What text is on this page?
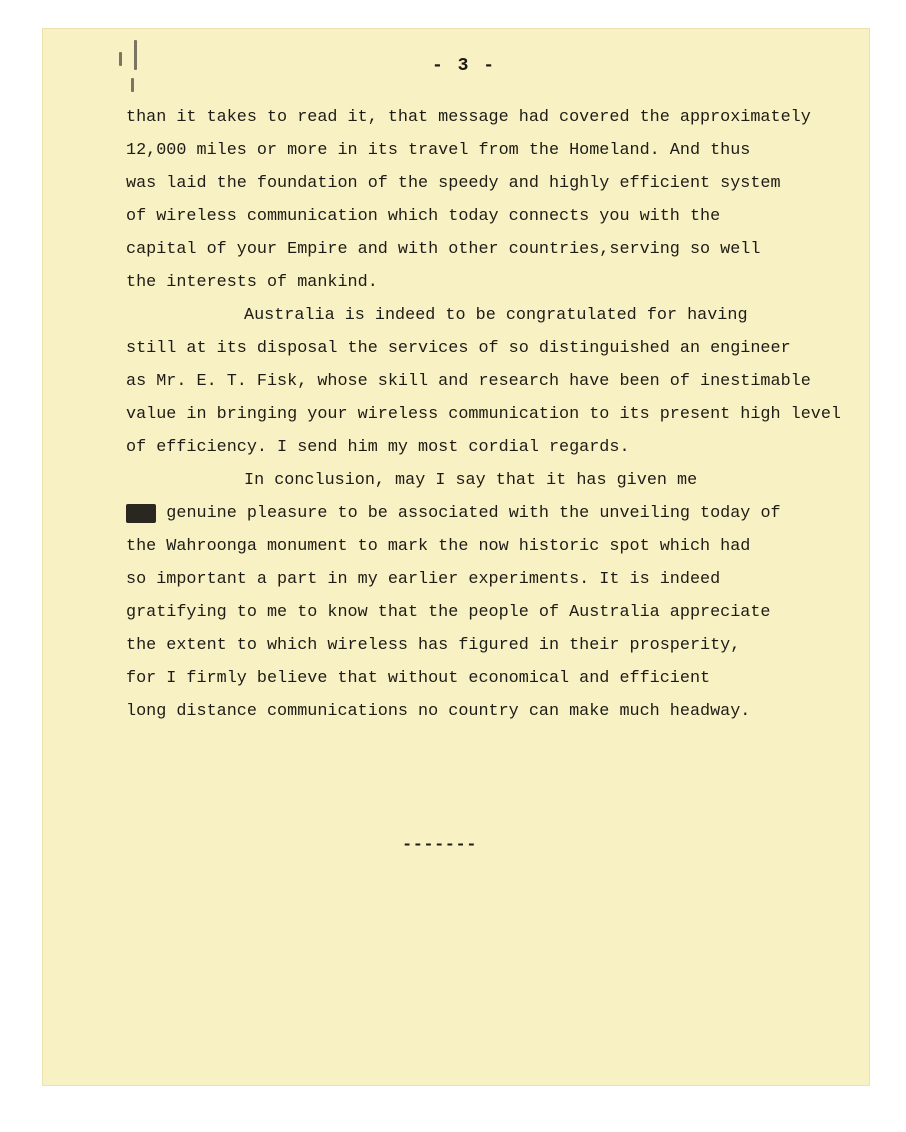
- 3 -
than it takes to read it, that message had covered the approximately
12,000 miles or more in its travel from the Homeland. And thus
was laid the foundation of the speedy and highly efficient system
of wireless communication which today connects you with the
capital of your Empire and with other countries,serving so well
the interests of mankind.
Australia is indeed to be congratulated for having
still at its disposal the services of so distinguished an engineer
as Mr. E. T. Fisk, whose skill and research have been of inestimable
value in bringing your wireless communication to its present high level
of efficiency. I send him my most cordial regards.
In conclusion, may I say that it has given me
xxx genuine pleasure to be associated with the unveiling today of
the Wahroonga monument to mark the now historic spot which had
so important a part in my earlier experiments. It is indeed
gratifying to me to know that the people of Australia appreciate
the extent to which wireless has figured in their prosperity,
for I firmly believe that without economical and efficient
long distance communications no country can make much headway.
-------
